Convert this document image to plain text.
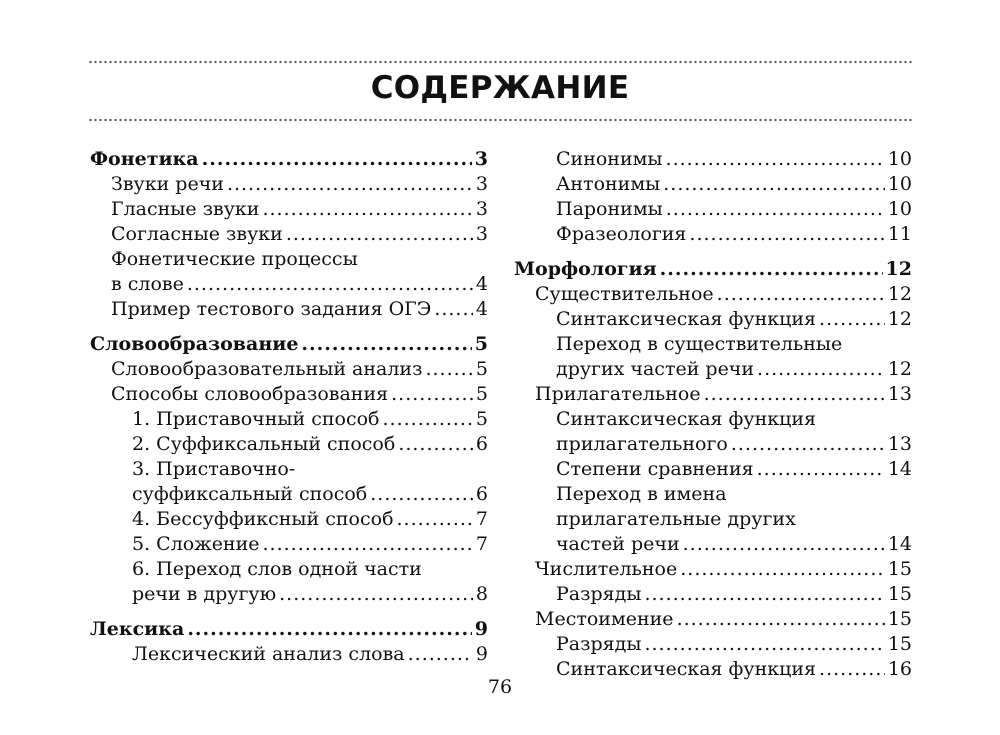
СОДЕРЖАНИЕ
Фонетика .....	3
Звуки речи .....	3
Гласные звуки .....	3
Согласные звуки .....	3
Фонетические процессы
в слове .....	4
Пример тестового задания ОГЭ ..... 4
Словообразование .....	5
Словообразовательный анализ .....	5
Способы словообразования .....	5
1. Приставочный способ .....	5
2. Суффиксальный способ .....	6
3. Приставочно-
суффиксальный способ .....	6
4. Бессуффиксный способ .....	7
5. Сложение .....	7
6. Переход слов одной части
речи в другую .....	8
Лексика .....	9
Лексический анализ слова .....	9
Синонимы .....	10
Антонимы .....	10
Паронимы .....	10
Фразеология .....	11
Морфология .....	12
Существительное .....	12
Синтаксическая функция .....	12
Переход в существительные
других частей речи .....	12
Прилагательное .....	13
Синтаксическая функция
прилагательного .....	13
Степени сравнения .....	14
Переход в имена
прилагательные других
частей речи .....	14
Числительное .....	15
Разряды .....	15
Местоимение .....	15
Разряды .....	15
Синтаксическая функция .....	16
76
